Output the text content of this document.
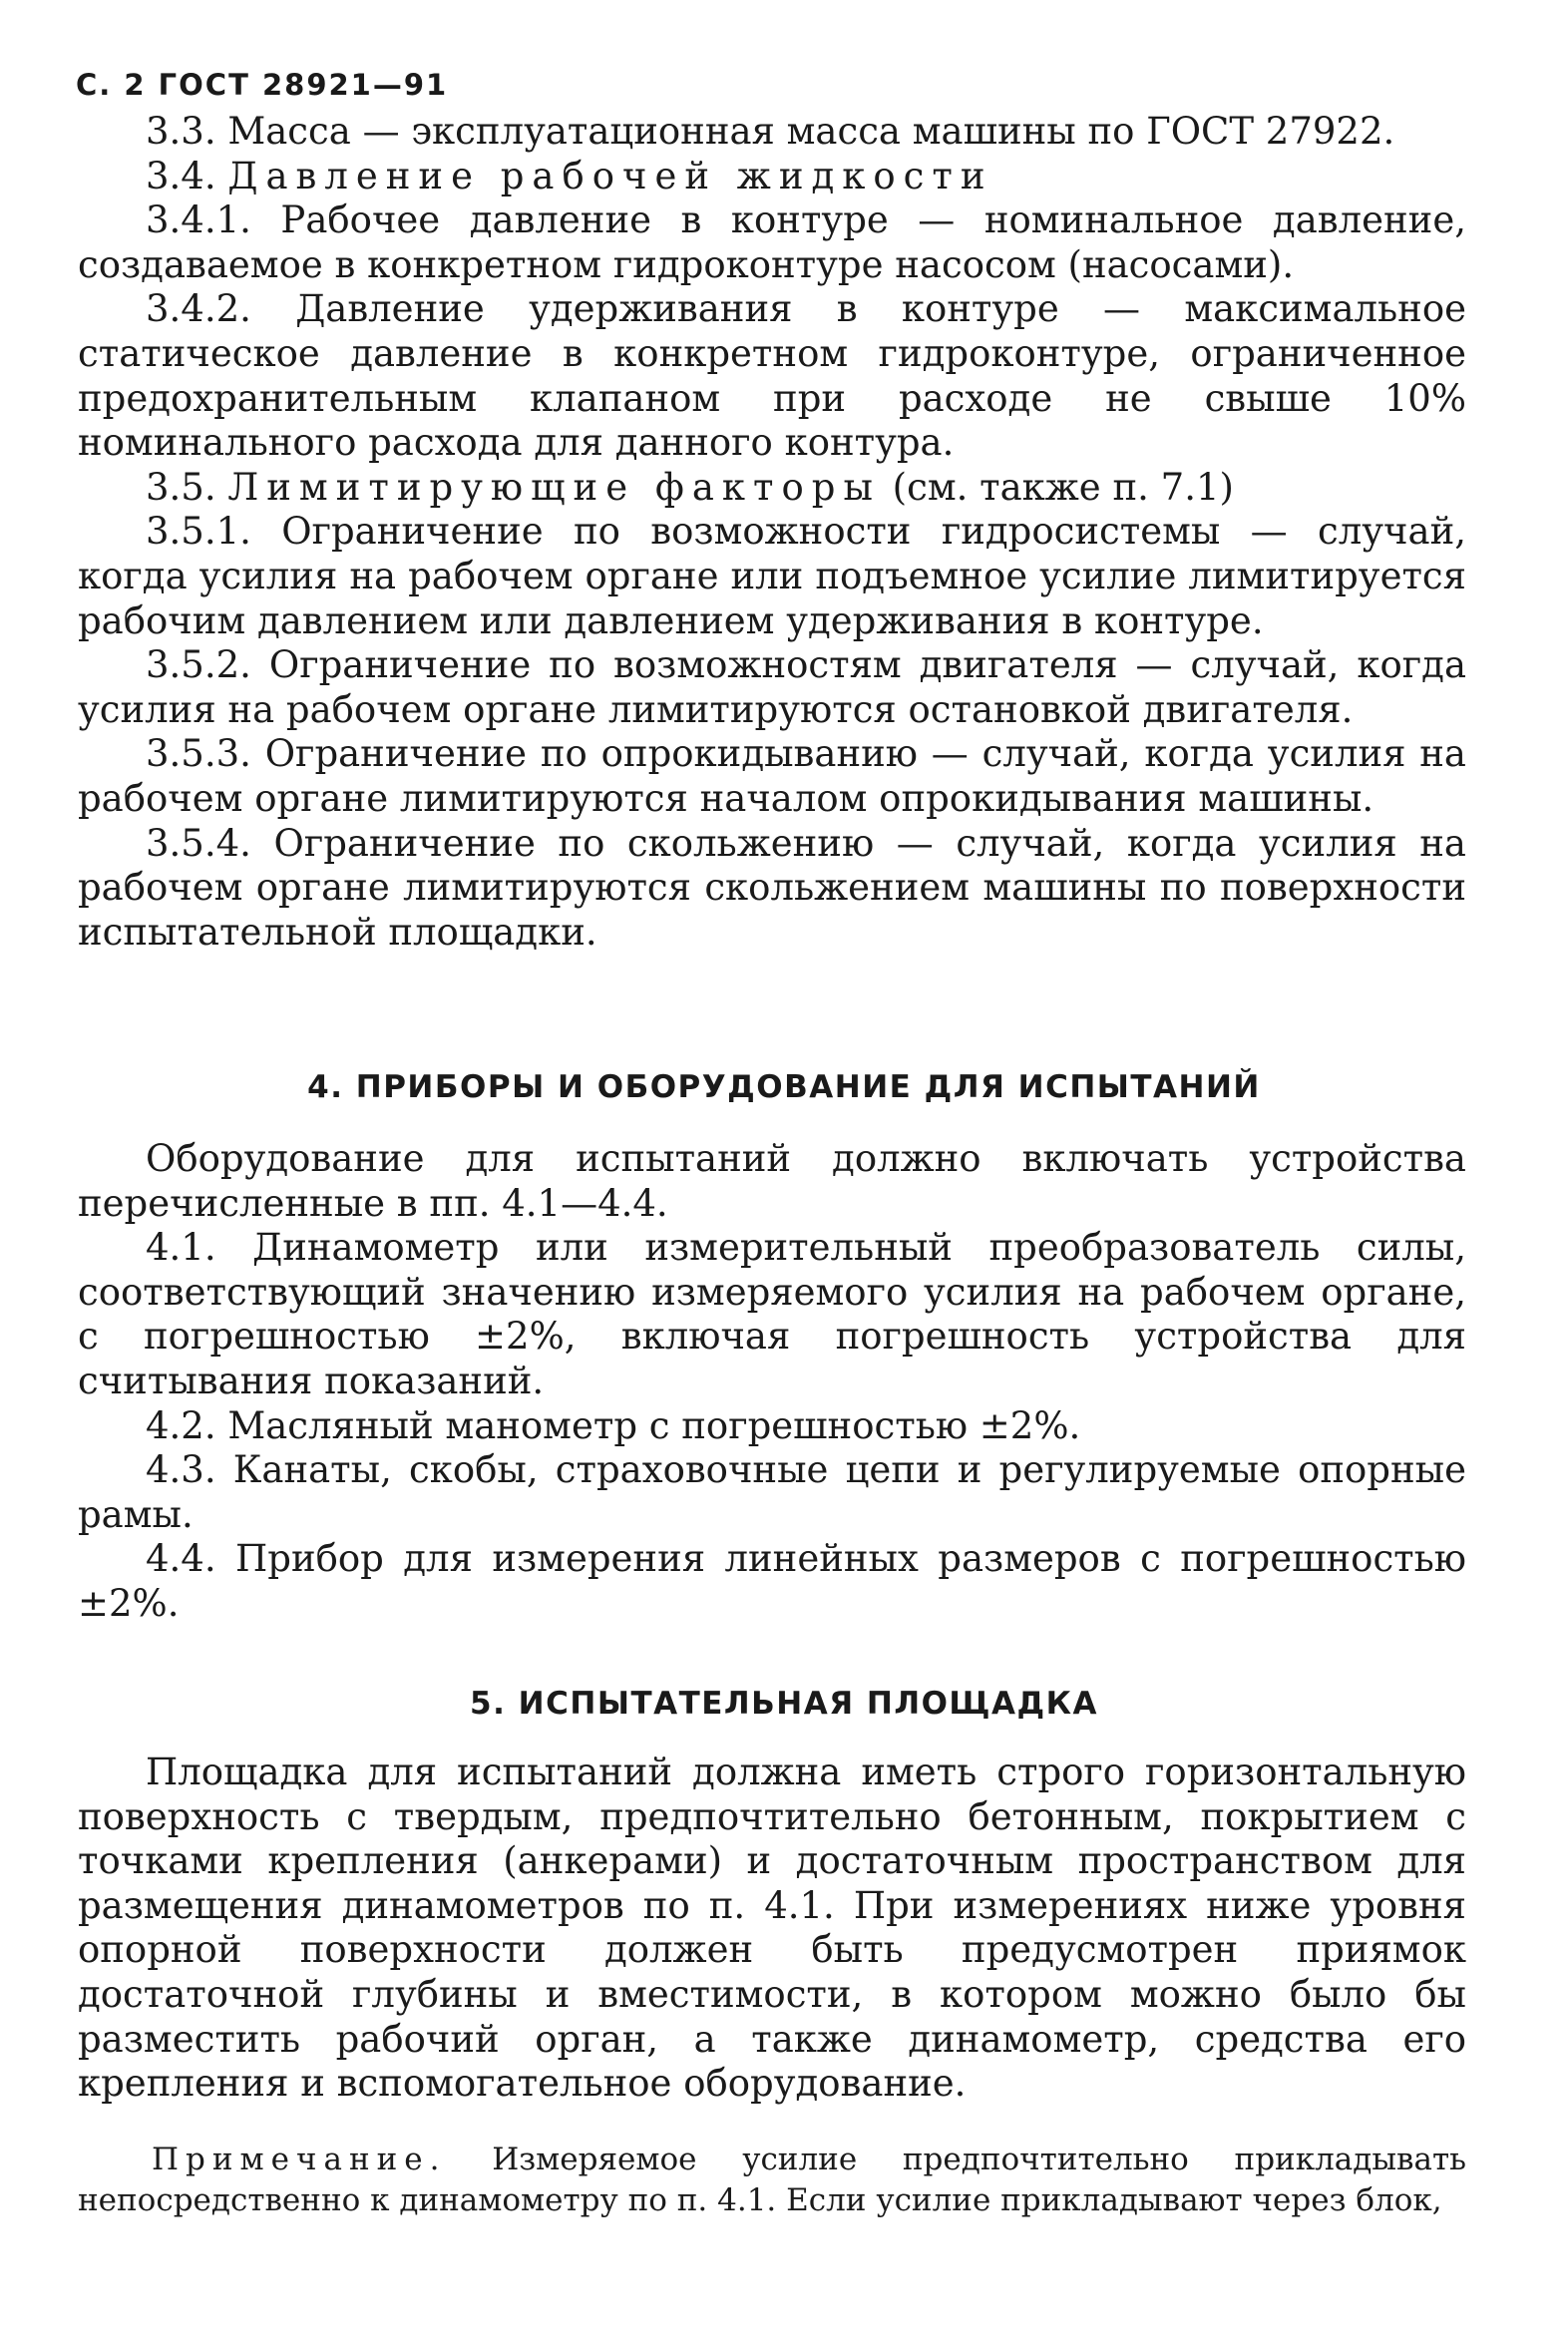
С. 2 ГОСТ 28921—91

3.3. Масса — эксплуатационная масса машины по ГОСТ 27922.

3.4. Давление рабочей жидкости

3.4.1. Рабочее давление в контуре — номинальное давление, создаваемое в конкретном гидроконтуре насосом (насосами).

3.4.2. Давление удерживания в контуре — максимальное статическое давление в конкретном гидроконтуре, ограниченное предохранительным клапаном при расходе не свыше 10% номинального расхода для данного контура.

3.5. Лимитирующие факторы (см. также п. 7.1)

3.5.1. Ограничение по возможности гидросистемы — случай, когда усилия на рабочем органе или подъемное усилие лимитируется рабочим давлением или давлением удерживания в контуре.

3.5.2. Ограничение по возможностям двигателя — случай, когда усилия на рабочем органе лимитируются остановкой двигателя.

3.5.3. Ограничение по опрокидыванию — случай, когда усилия на рабочем органе лимитируются началом опрокидывания машины.

3.5.4. Ограничение по скольжению — случай, когда усилия на рабочем органе лимитируются скольжением машины по поверхности испытательной площадки.

4. ПРИБОРЫ И ОБОРУДОВАНИЕ ДЛЯ ИСПЫТАНИЙ

Оборудование для испытаний должно включать устройства перечисленные в пп. 4.1—4.4.

4.1. Динамометр или измерительный преобразователь силы, соответствующий значению измеряемого усилия на рабочем органе, с погрешностью ±2%, включая погрешность устройства для считывания показаний.

4.2. Масляный манометр с погрешностью ±2%.

4.3. Канаты, скобы, страховочные цепи и регулируемые опорные рамы.

4.4. Прибор для измерения линейных размеров с погрешностью ±2%.

5. ИСПЫТАТЕЛЬНАЯ ПЛОЩАДКА

Площадка для испытаний должна иметь строго горизонтальную поверхность с твердым, предпочтительно бетонным, покрытием с точками крепления (анкерами) и достаточным пространством для размещения динамометров по п. 4.1. При измерениях ниже уровня опорной поверхности должен быть предусмотрен приямок достаточной глубины и вместимости, в котором можно было бы разместить рабочий орган, а также динамометр, средства его крепления и вспомогательное оборудование.

Примечание. Измеряемое усилие предпочтительно прикладывать непосредственно к динамометру по п. 4.1. Если усилие прикладывают через блок,
